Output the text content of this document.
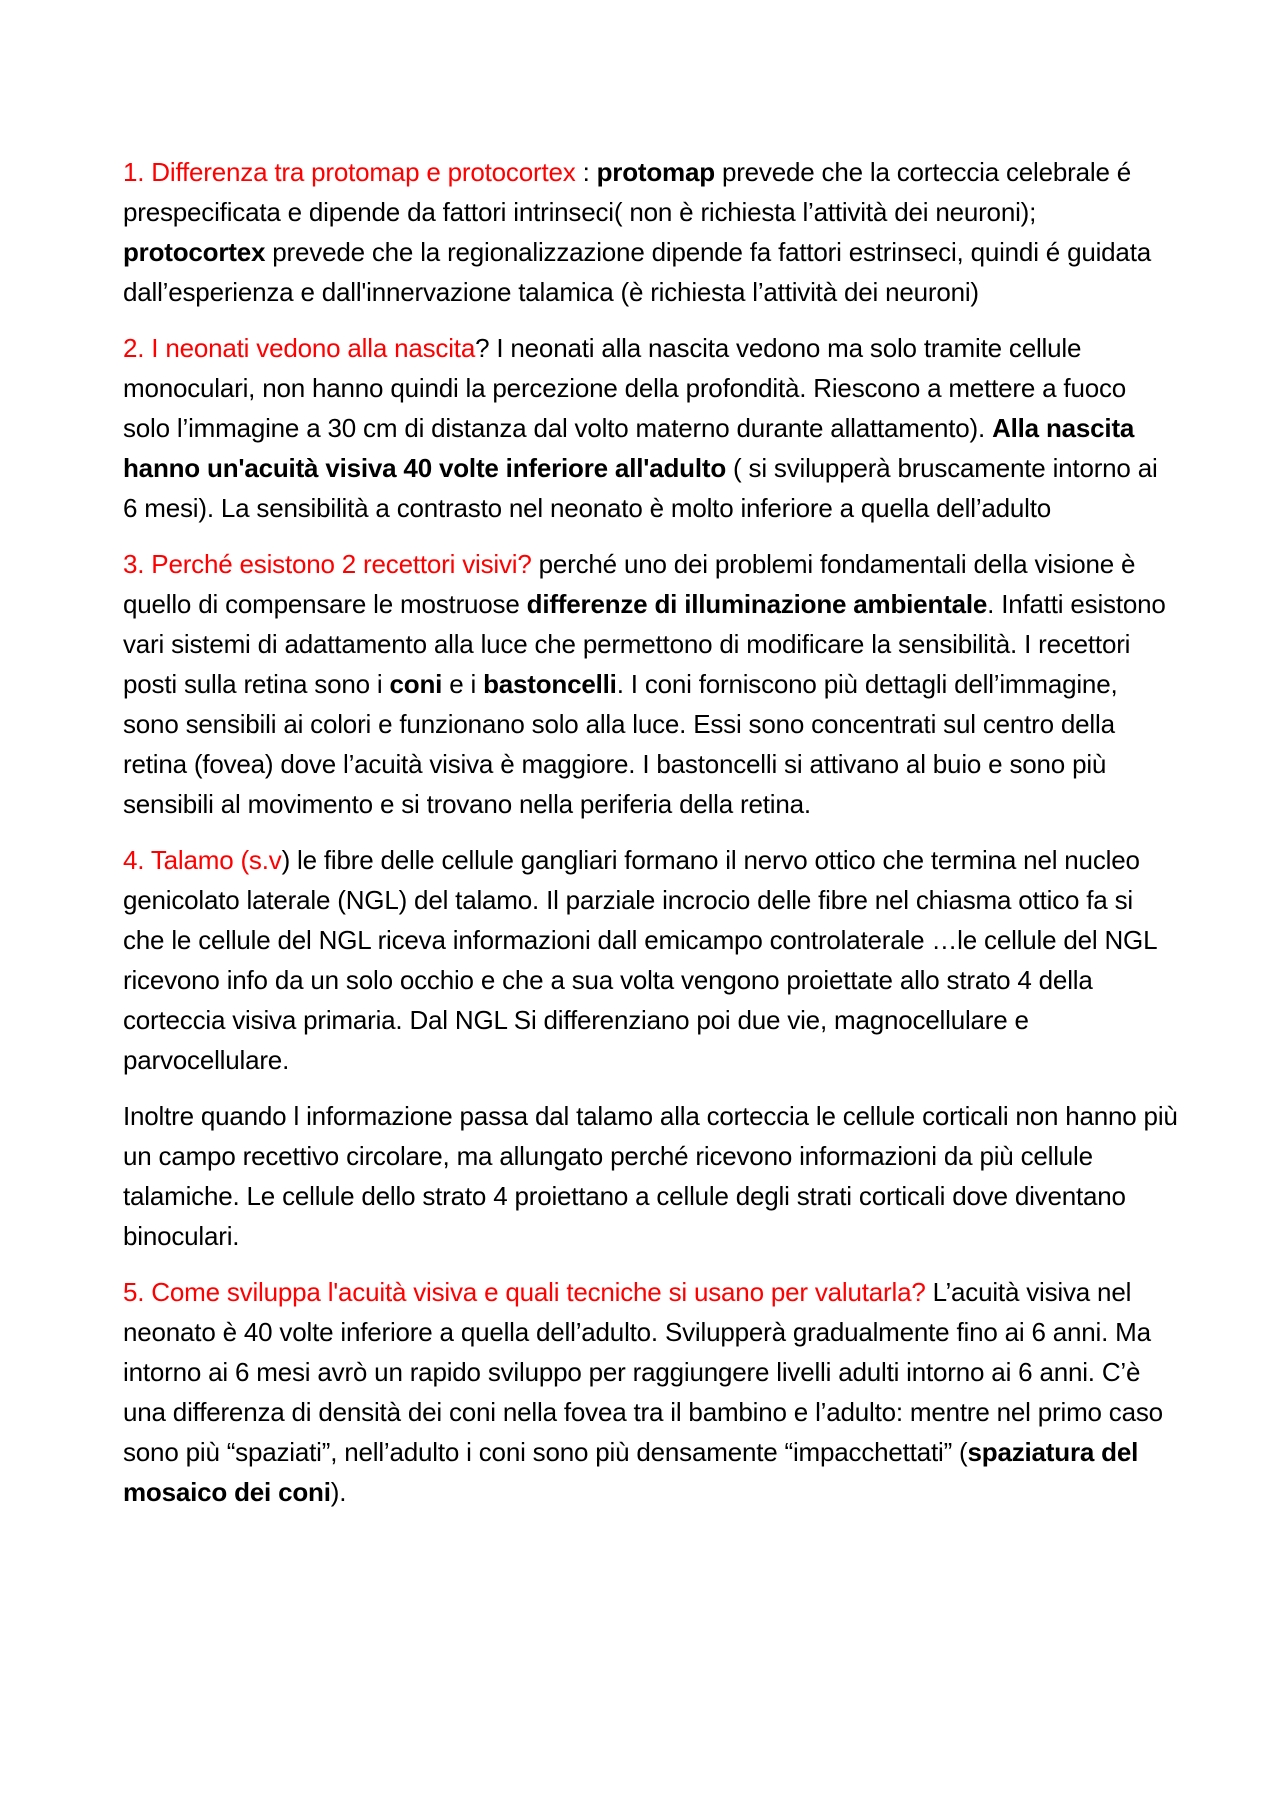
1. Differenza tra protomap e protocortex : protomap prevede che la corteccia celebrale é prespecificata e dipende da fattori intrinseci( non è richiesta l’attività dei neuroni); protocortex prevede che la regionalizzazione dipende fa fattori estrinseci, quindi é guidata dall’esperienza e dall'innervazione talamica (è richiesta l’attività dei neuroni)

2. I neonati vedono alla nascita? I neonati alla nascita vedono ma solo tramite cellule monoculari, non hanno quindi la percezione della profondità. Riescono a mettere a fuoco solo l’immagine a 30 cm di distanza dal volto materno durante allattamento). Alla nascita hanno un'acuità visiva 40 volte inferiore all'adulto ( si svilupperà bruscamente intorno ai 6 mesi). La sensibilità a contrasto nel neonato è molto inferiore a quella dell’adulto

3. Perché esistono 2 recettori visivi? perché uno dei problemi fondamentali della visione è quello di compensare le mostruose differenze di illuminazione ambientale. Infatti esistono vari sistemi di adattamento alla luce che permettono di modificare la sensibilità. I recettori posti sulla retina sono i coni e i bastoncelli. I coni forniscono più dettagli dell’immagine, sono sensibili ai colori e funzionano solo alla luce. Essi sono concentrati sul centro della retina (fovea) dove l’acuità visiva è maggiore. I bastoncelli si attivano al buio e sono più sensibili al movimento e si trovano nella periferia della retina.

4. Talamo (s.v) le fibre delle cellule gangliari formano il nervo ottico che termina nel nucleo genicolato laterale (NGL) del talamo. Il parziale incrocio delle fibre nel chiasma ottico fa si che le cellule del NGL riceva informazioni dall emicampo controlaterale …le cellule del NGL ricevono info da un solo occhio e che a sua volta vengono proiettate allo strato 4 della corteccia visiva primaria. Dal NGL Si differenziano poi due vie, magnocellulare e parvocellulare.

Inoltre quando l informazione passa dal talamo alla corteccia le cellule corticali non hanno più un campo recettivo circolare, ma allungato perché ricevono informazioni da più cellule talamiche. Le cellule dello strato 4 proiettano a cellule degli strati corticali dove diventano binoculari.

5. Come sviluppa l'acuità visiva e quali tecniche si usano per valutarla? L’acuità visiva nel neonato è 40 volte inferiore a quella dell’adulto. Svilupperà gradualmente fino ai 6 anni. Ma intorno ai 6 mesi avrò un rapido sviluppo per raggiungere livelli adulti intorno ai 6 anni. C’è una differenza di densità dei coni nella fovea tra il bambino e l’adulto: mentre nel primo caso sono più “spaziati”, nell’adulto i coni sono più densamente “impacchettati” (spaziatura del mosaico dei coni).
